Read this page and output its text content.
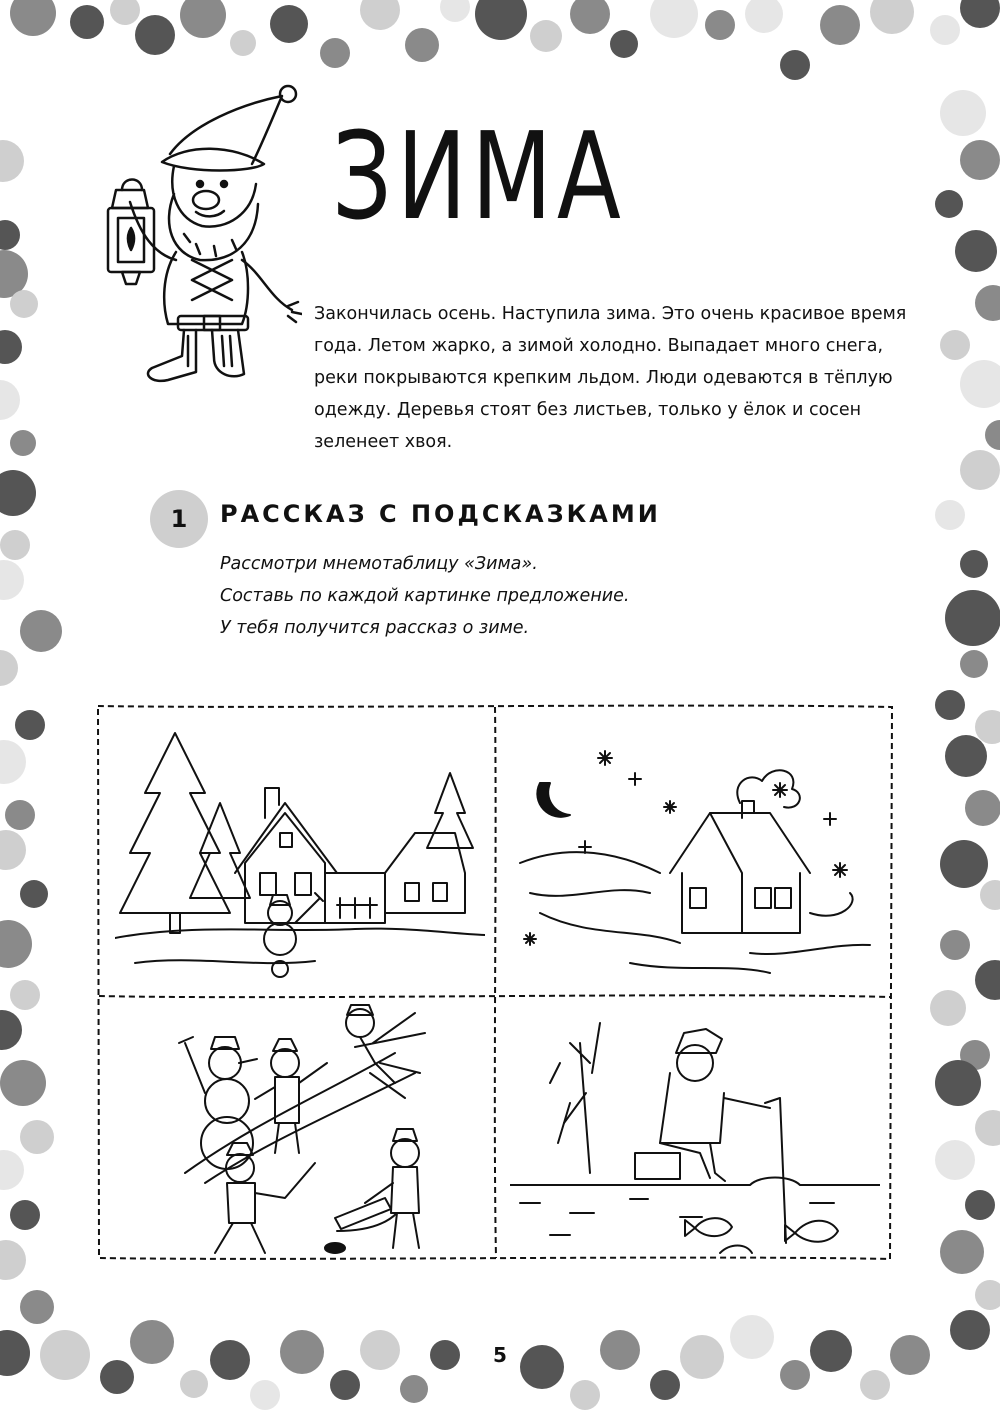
ЗИМА

Закончилась осень. Наступила зима. Это очень красивое время года. Летом жарко, а зимой холодно. Выпадает много снега, реки покрываются крепким льдом. Люди одеваются в тёплую одежду. Деревья стоят без листьев, только у ёлок и сосен зеленеет хвоя.

1	РАССКАЗ С ПОДСКАЗКАМИ

Рассмотри мнемотаблицу «Зима».
Составь по каждой картинке предложение.
У тебя получится рассказ о зиме.

5
